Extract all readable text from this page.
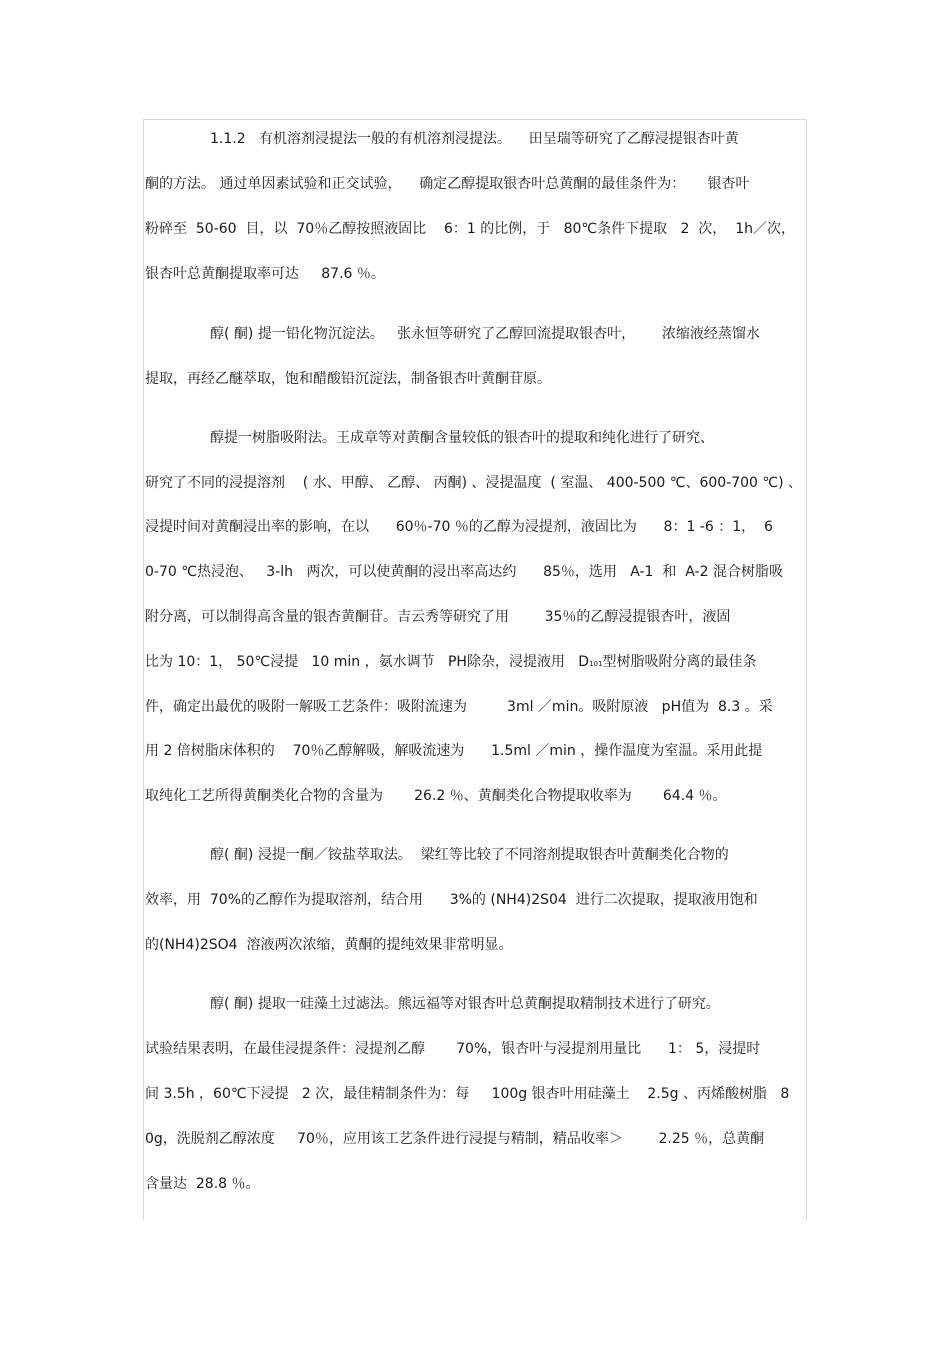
1.1.2   有机溶剂浸提法一般的有机溶剂浸提法。    田呈瑞等研究了乙醇浸提银杏叶黄
酮的方法。 通过单因素试验和正交试验，    确定乙醇提取银杏叶总黄酮的最佳条件为：     银杏叶
粉碎至  50-60  目，以  70％乙醇按照液固比    6：1 的比例，于   80℃条件下提取   2  次，  1h／次，
银杏叶总黄酮提取率可达     87.6 ％。
醇( 酮) 提一铅化物沉淀法。   张永恒等研究了乙醇回流提取银杏叶，      浓缩液经蒸馏水
提取，再经乙醚萃取，饱和醋酸铅沉淀法，制备银杏叶黄酮苷原。
醇提一树脂吸附法。王成章等对黄酮含量较低的银杏叶的提取和纯化进行了研究、
研究了不同的浸提溶剂    ( 水、甲醇、 乙醇、 丙酮) 、浸提温度  ( 室温、 400-500 ℃、600-700 ℃) 、
浸提时间对黄酮浸出率的影响，在以      60％-70 ％的乙醇为浸提剂，液固比为      8：1 -6 ：1，  6
0-70 ℃热浸泡、   3-lh   两次，可以使黄酮的浸出率高达约      85％，选用   A-1  和  A-2 混合树脂吸
附分离，可以制得高含量的银杏黄酮苷。吉云秀等研究了用        35％的乙醇浸提银杏叶，液固
比为 10：1， 50℃浸提   10 min ，氨水调节   PH除杂，浸提液用   D101型树脂吸附分离的最佳条
件，确定出最优的吸附一解吸工艺条件：吸附流速为         3ml ／min。吸附原液   pH值为  8.3 。采
用 2 倍树脂床体积的    70％乙醇解吸，解吸流速为      1.5ml ／min ，操作温度为室温。采用此提
取纯化工艺所得黄酮类化合物的含量为       26.2 ％、黄酮类化合物提取收率为       64.4 ％。
醇( 酮) 浸提一酮／铵盐萃取法。  梁红等比较了不同溶剂提取银杏叶黄酮类化合物的
效率，用  70%的乙醇作为提取溶剂，结合用      3%的 (NH4)2S04  进行二次提取，提取液用饱和
的(NH4)2SO4  溶液两次浓缩，黄酮的提纯效果非常明显。
醇( 酮) 提取一硅藻土过滤法。熊远福等对银杏叶总黄酮提取精制技术进行了研究。
试验结果表明，在最佳浸提条件：浸提剂乙醇       70%，银杏叶与浸提剂用量比      1： 5，浸提时
间 3.5h ，60℃下浸提   2 次，最佳精制条件为：每     100g 银杏叶用硅藻土    2.5g 、丙烯酸树脂   8
0g，洗脱剂乙醇浓度     70％，应用该工艺条件进行浸提与精制，精品收率＞        2.25 ％，总黄酮
含量达  28.8 ％。
